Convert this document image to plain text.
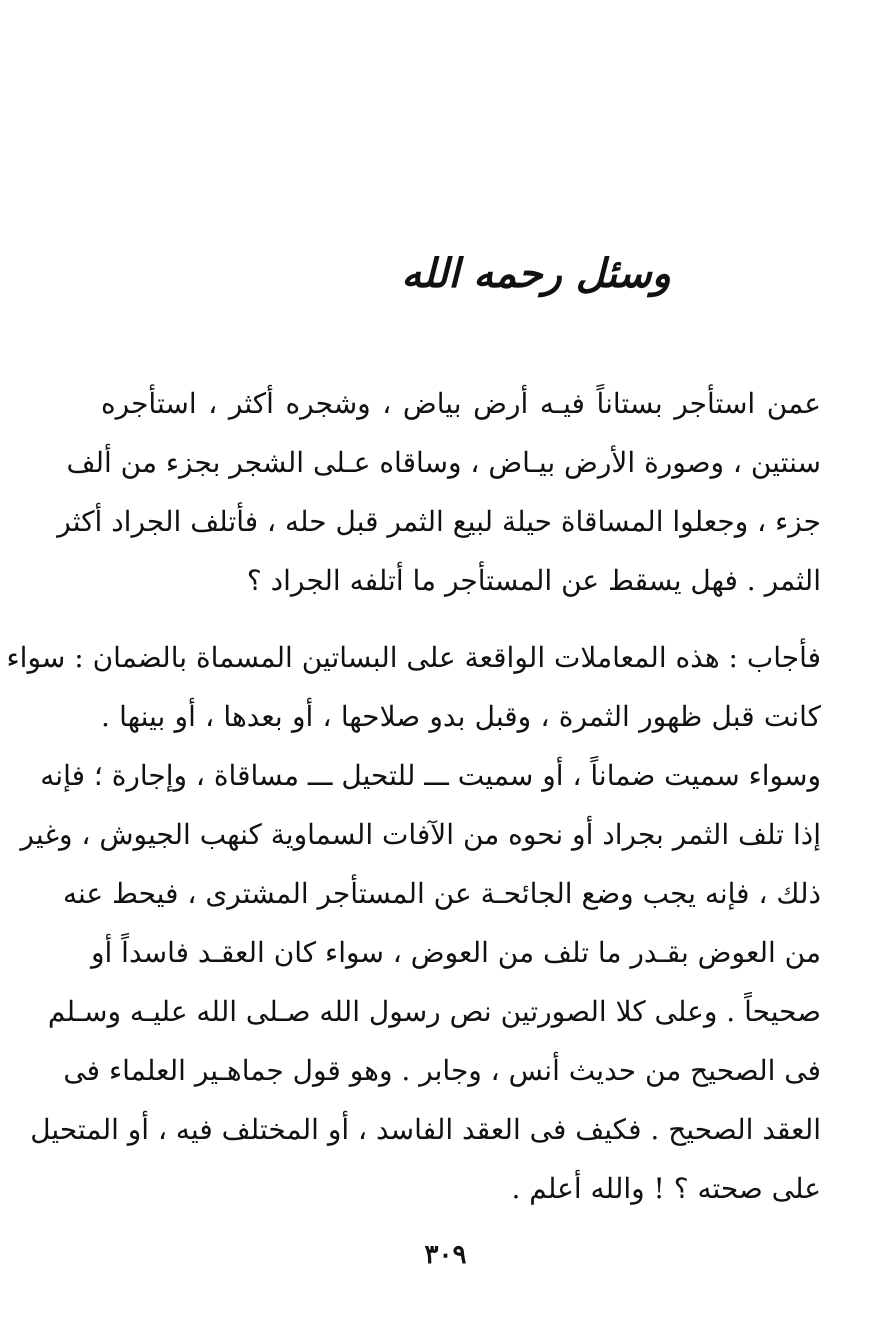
وسئل رحمه الله
عمن استأجر بستاناً فيـه أرض بياض ، وشجره أكثر ، استأجره
سنتين ، وصورة الأرض بيـاض ، وساقاه عـلى الشجر بجزء من ألف
جزء ، وجعلوا المساقاة حيلة لبيع الثمر قبل حله ، فأتلف الجراد أكثر
الثمر . فهل يسقط عن المستأجر ما أتلفه الجراد ؟
فأجاب : هذه المعاملات الواقعة على البساتين المسماة بالضمان : سواء
كانت قبل ظهور الثمرة ، وقبل بدو صلاحها ، أو بعدها ، أو بينها .
وسواء سميت ضماناً ، أو سميت ـــ للتحيل ـــ مساقاة ، وإجارة ؛ فإنه
إذا تلف الثمر بجراد أو نحوه من الآفات السماوية كنهب الجيوش ، وغير
ذلك ، فإنه يجب وضع الجائحـة عن المستأجر المشترى ، فيحط عنه
من العوض بقـدر ما تلف من العوض ، سواء كان العقـد فاسداً أو
صحيحاً . وعلى كلا الصورتين نص رسول الله صـلى الله عليـه وسـلم
فى الصحيح من حديث أنس ، وجابر . وهو قول جماهـير العلماء فى
العقد الصحيح . فكيف فى العقد الفاسد ، أو المختلف فيه ، أو المتحيل
على صحته ؟ ! والله أعلم .
٣٠٩
